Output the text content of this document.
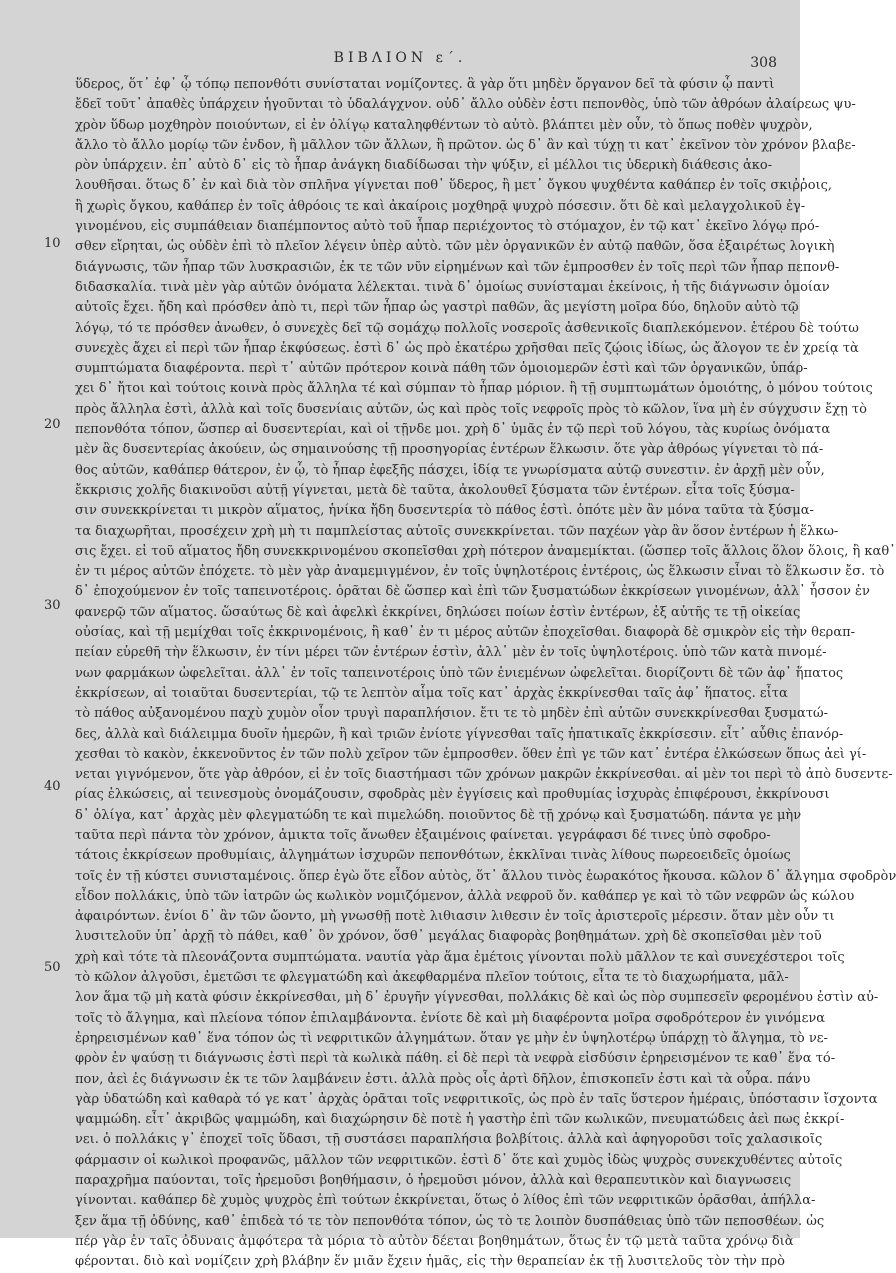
ΒΙΒΛΙΟΝ ε΄.	308
10
20
30
40
50
ὕδερος, ὅτ᾽ ἐφ᾽ ᾧ τόπῳ πεπονθότι συνίσταται νομίζοντες. ἃ γὰρ ὅτι μηδὲν ὄργανον δεῖ τὰ φύσιν ᾧ παντὶ
ἔδεῖ τοῦτ᾽ ἀπαθὲς ὑπάρχειν ἡγοῦνται τὸ ὑδαλάγχνον. οὐδ᾽ ἄλλο οὐδὲν ἐστι πεπονθὸς, ὑπὸ τῶν ἀθρόων ἀλαίρεως ψυ-
χρὸν ὕδωρ μοχθηρὸν ποιούντων, εἰ ἐν ὀλίγῳ καταληφθέντων τὸ αὐτὸ. βλάπτει μὲν οὖν, τὸ ὅπως ποθὲν ψυχρὸν,
ἄλλο τὸ ἄλλο μορίῳ τῶν ἐνδον, ἢ μᾶλλον τῶν ἄλλων, ἢ πρῶτον. ὡς δ᾽ ἂν καὶ τύχῃ τι κατ᾽ ἐκεῖνον τὸν χρόνον βλαβε-
ρὸν ὑπάρχειν. ἐπ᾽ αὐτὸ δ᾽ εἰς τὸ ἧπαρ ἀνάγκη διαδίδωσαι τὴν ψύξιν, εἰ μέλλοι τις ὑδερικὴ διάθεσις ἀκο-
λουθῆσαι. ὅτως δ᾽ ἐν καὶ διὰ τὸν σπλῆνα γίγνεται ποθ᾽ ὕδερος, ἢ μετ᾽ ὄγκου ψυχθέντα καθάπερ ἐν τοῖς σκιῤῥοις,
ἢ χωρὶς ὄγκου, καθάπερ ἐν τοῖς ἀθρόοις τε καὶ ἀκαίροις μοχθηρᾷ ψυχρὸ πόσεσιν. ὅτι δὲ καὶ μελαγχολικοῦ ἐγ-
γινομένου, εἰς συμπάθειαν διαπέμποντος αὐτὸ τοῦ ἧπαρ περιέχοντος τὸ στόμαχον, ἐν τῷ κατ᾽ ἐκεῖνο λόγῳ πρό-
σθεν εἴρηται, ὡς οὐδὲν ἐπὶ τὸ πλεῖον λέγειν ὑπὲρ αὐτὸ. τῶν μὲν ὀργανικῶν ἐν αὐτῷ παθῶν, ὅσα ἐξαιρέτως λογικὴ
διάγνωσις, τῶν ἧπαρ τῶν λυσκρασιῶν, ἐκ τε τῶν νῦν εἰρημένων καὶ τῶν ἐμπροσθεν ἐν τοῖς περὶ τῶν ἧπαρ πεπονθ-
διδασκαλία. τινὰ μὲν γὰρ αὐτῶν ὀνόματα λέλεκται. τινὰ δ᾽ ὁμοίως συνίσταμαι ἐκείνοις, ἡ τῆς διάγνωσιν ὁμοίαν
αὐτοῖς ἔχει. ἤδη καὶ πρόσθεν ἀπὸ τι, περὶ τῶν ἧπαρ ὡς γαστρὶ παθῶν, ἃς μεγίστη μοῖρα δύο, δηλοῦν αὐτὸ τῷ
λόγῳ, τό τε πρόσθεν ἀνωθεν, ὁ συνεχὲς δεῖ τῷ σομάχῳ πολλοῖς νοσεροῖς ἀσθενικοῖς διαπλεκόμενον. ἑτέρου δὲ τούτω
συνεχὲς ἄχει εἰ περὶ τῶν ἧπαρ ἐκφύσεως. ἐστὶ δ᾽ ὡς πρὸ ἑκατέρω χρῆσθαι πεῖς ζῴοις ἰδίως, ὡς ἄλογον τε ἐν χρείᾳ τὰ
συμπτώματα διαφέροντα. περὶ τ᾽ αὐτῶν πρότερον κοινὰ πάθη τῶν ὁμοιομερῶν ἐστὶ καὶ τῶν ὀργανικῶν, ὑπάρ-
χει δ᾽ ἤτοι καὶ τούτοις κοινὰ πρὸς ἄλληλα τέ καὶ σύμπαν τὸ ἧπαρ μόριον. ἢ τῇ συμπτωμάτων ὁμοιότης, ὁ μόνου τούτοις
πρὸς ἄλληλα ἐστὶ, ἀλλὰ καὶ τοῖς δυσενίαις αὐτῶν, ὡς καὶ πρὸς τοῖς νεφροῖς πρὸς τὸ κῶλον, ἵνα μὴ ἐν σύγχυσιν ἔχῃ τὸ
πεπονθότα τόπον, ὥσπερ αἱ δυσεντερίαι, καὶ οἱ τῇνδε μοι. χρὴ δ᾽ ὑμᾶς ἐν τῷ περὶ τοῦ λόγου, τὰς κυρίως ὀνόματα
μὲν ἃς δυσεντερίας ἀκούειν, ὡς σημαινούσης τῇ προσηγορίας ἐντέρων ἕλκωσιν. ὅτε γὰρ ἀθρόως γίγνεται τὸ πά-
θος αὐτῶν, καθάπερ θάτερον, ἐν ᾧ, τὸ ἧπαρ ἐφεξῆς πάσχει, ἰδίᾳ τε γνωρίσματα αὐτῷ συνεστιν. ἐν ἀρχῇ μὲν οὖν,
ἔκκρισις χολῆς διακινοῦσι αὐτῇ γίγνεται, μετὰ δὲ ταῦτα, ἀκολουθεῖ ξύσματα τῶν ἐντέρων. εἶτα τοῖς ξύσμα-
σιν συνεκκρίνεται τι μικρὸν αἵματος, ἡνίκα ἤδη δυσεντερία τὸ πάθος ἐστὶ. ὁπότε μὲν ἂν μόνα ταῦτα τὰ ξύσμα-
τα διαχωρῆται, προσέχειν χρὴ μὴ τι παμπλείστας αὐτοῖς συνεκκρίνεται. τῶν παχέων γὰρ ἂν ὅσον ἐντέρων ἡ ἕλκω-
σις ἔχει. εἰ τοῦ αἵματος ἤδη συνεκκρινομένου σκοπεῖσθαι χρὴ πότερον ἀναμεμίκται. (ὥσπερ τοῖς ἄλλοις ὅλον ὅλοις, ἢ καθ᾽
ἐν τι μέρος αὐτῶν ἐπόχετε. τὸ μὲν γὰρ ἀναμεμιγμένον, ἐν τοῖς ὑψηλοτέροις ἐντέροις, ὡς ἕλκωσιν εἶναι τὸ ἕλκωσιν ἔσ. τὸ
δ᾽ ἐποχούμενον ἐν τοῖς ταπεινοτέροις. ὁρᾶται δὲ ὥσπερ καὶ ἐπὶ τῶν ξυσματώδων ἐκκρίσεων γινομένων, ἀλλ᾽ ἦσσον ἐν
φανερῷ τῶν αἵματος. ὥσαύτως δὲ καὶ ἀφελκὶ ἐκκρίνει, δηλώσει ποίων ἐστὶν ἐντέρων, ἐξ αὐτῆς τε τῇ οἰκείας
οὐσίας, καὶ τῇ μεμίχθαι τοῖς ἐκκρινομένοις, ἢ καθ᾽ ἐν τι μέρος αὐτῶν ἐποχεῖσθαι. διαφορὰ δὲ σμικρὸν εἰς τὴν θεραπ-
πείαν εὑρεθῆ τὴν ἕλκωσιν, ἐν τίνι μέρει τῶν ἐντέρων ἐστὶν, ἀλλ᾽ μὲν ἐν τοῖς ὑψηλοτέροις. ὑπὸ τῶν κατὰ πινομέ-
νων φαρμάκων ὠφελεῖται. ἀλλ᾽ ἐν τοῖς ταπεινοτέροις ὑπὸ τῶν ἐνιεμένων ὠφελεῖται. διορίζοντι δὲ τῶν ἀφ᾽ ἥπατος
ἐκκρίσεων, αἱ τοιαῦται δυσεντερίαι, τῷ τε λεπτὸν αἷμα τοῖς κατ᾽ ἀρχὰς ἐκκρίνεσθαι ταῖς ἀφ᾽ ἥπατος. εἶτα
τὸ πάθος αὐξανομένου παχὺ χυμὸν οἷον τρυγὶ παραπλήσιον. ἔτι τε τὸ μηδὲν ἐπὶ αὐτῶν συνεκκρίνεσθαι ξυσματώ-
δες, ἀλλὰ καὶ διάλειμμα δυοῖν ἡμερῶν, ἢ καὶ τριῶν ἐνίοτε γίγνεσθαι ταῖς ἡπατικαῖς ἐκκρίσεσιν. εἶτ᾽ αὖθις ἐπανόρ-
χεσθαι τὸ κακὸν, ἐκκενοῦντος ἐν τῶν πολὺ χεῖρον τῶν ἐμπροσθεν. ὅθεν ἐπὶ γε τῶν κατ᾽ ἐντέρα ἑλκώσεων ὅπως ἀεὶ γί-
νεται γιγνόμενον, ὅτε γὰρ ἀθρόον, εἰ ἐν τοῖς διαστήμασι τῶν χρόνων μακρῶν ἐκκρίνεσθαι. αἱ μὲν τοι περὶ τὸ ἀπὸ δυσεντε-
ρίας ἑλκώσεις, αἱ τεινεσμοὺς ὀνομάζουσιν, σφοδρὰς μὲν ἐγγίσεις καὶ προθυμίας ἰσχυρὰς ἐπιφέρουσι, ἐκκρίνουσι
δ᾽ ὀλίγα, κατ᾽ ἀρχὰς μὲν φλεγματώδη τε καὶ πιμελώδη. ποιοῦντος δὲ τῇ χρόνῳ καὶ ξυσματώδη. πάντα γε μὴν
ταῦτα περὶ πάντα τὸν χρόνον, ἀμικτα τοῖς ἄνωθεν ἐξαιμένοις φαίνεται. γεγράφασι δέ τινες ὑπὸ σφοδρο-
τάτοις ἐκκρίσεων προθυμίαις, ἀλγημάτων ἰσχυρῶν πεπονθότων, ἐκκλῖναι τινὰς λίθους πωρεοειδεῖς ὁμοίως
τοῖς ἐν τῇ κύστει συνισταμένοις. ὅπερ ἐγὼ ὅτε εἶδον αὐτὸς, ὅτ᾽ ἄλλου τινὸς ἑωρακότος ἤκουσα. κῶλον δ᾽ ἄλγημα σφοδρὸν
εἶδον πολλάκις, ὑπὸ τῶν ἰατρῶν ὡς κωλικὸν νομιζόμενον, ἀλλὰ νεφροῦ ὄν. καθάπερ γε καὶ τὸ τῶν νεφρῶν ὡς κώλου
ἀφαιρόντων. ἐνίοι δ᾽ ἂν τῶν ὤοντο, μὴ γνωσθῇ ποτὲ λιθιασιν λιθεσιν ἐν τοῖς ἀριστεροῖς μέρεσιν. ὅταν μὲν οὖν τι
λυσιτελοῦν ὑπ᾽ ἀρχῇ τὸ πάθει, καθ᾽ ὃν χρόνον, ὅσθ᾽ μεγάλας διαφορὰς βοηθημάτων. χρὴ δὲ σκοπεῖσθαι μὲν τοῦ
χρὴ καὶ τότε τὰ πλεονάζοντα συμπτώματα. ναυτία γὰρ ἅμα ἐμέτοις γίνονται πολὺ μᾶλλον τε καὶ συνεχέστεροι τοῖς
τὸ κῶλον ἀλγοῦσι, ἐμετῶσι τε φλεγματώδη καὶ ἀκεφθαρμένα πλεῖον τούτοις, εἶτα τε τὸ διαχωρήματα, μᾶλ-
λον ἅμα τῷ μὴ κατὰ φύσιν ἐκκρίνεσθαι, μὴ δ᾽ ἐρυγῆν γίγνεσθαι, πολλάκις δὲ καὶ ὡς πὸρ συμπεσεῖν φερομένου ἐστὶν αὐ-
τοῖς τὸ ἄλγημα, καὶ πλείονα τόπον ἐπιλαμβάνοντα. ἐνίοτε δὲ καὶ μὴ διαφέροντα μοῖρα σφοδρότερον ἐν γινόμενα
ἐρηρεισμένων καθ᾽ ἕνα τόπον ὡς τὶ νεφριτικῶν ἀλγημάτων. ὅταν γε μὴν ἐν ὑψηλοτέρῳ ὑπάρχῃ τὸ ἄλγημα, τὸ νε-
φρὸν ἐν ψαύσῃ τι διάγνωσις ἐστὶ περὶ τὰ κωλικὰ πάθη. εἰ δὲ περὶ τὰ νεφρὰ εἰσδύσιν ἐρηρεισμένον τε καθ᾽ ἕνα τό-
πον, ἀεὶ ἐς διάγνωσιν ἐκ τε τῶν λαμβάνειν ἐστι. ἀλλὰ πρὸς οἷς ἀρτὶ δῆλον, ἐπισκοπεῖν ἐστι καὶ τὰ οὖρα. πάνυ
γὰρ ὑδατώδη καὶ καθαρὰ τό γε κατ᾽ ἀρχὰς ὁρᾶται τοῖς νεφριτικοῖς, ὡς πρὸ ἐν ταῖς ὕστερον ἡμέραις, ὑπόστασιν ἴσχοντα
ψαμμώδη. εἶτ᾽ ἀκριβῶς ψαμμώδη, καὶ διαχώρησιν δὲ ποτὲ ἡ γαστὴρ ἐπὶ τῶν κωλικῶν, πνευματώδεις ἀεὶ πως ἐκκρί-
νει. ὁ πολλάκις γ᾽ ἐποχεῖ τοῖς ὕδασι, τῇ συστάσει παραπλήσια βολβίτοις. ἀλλὰ καὶ ἀφηγοροῦσι τοῖς χαλασικοῖς
φάρμασιν οἱ κωλικοὶ προφανῶς, μᾶλλον τῶν νεφριτικῶν. ἐστὶ δ᾽ ὅτε καὶ χυμὸς ἰδὼς ψυχρὸς συνεκχυθέντες αὐτοῖς
παραχρῆμα παύονται, τοῖς ἠρεμοῦσι βοηθήμασιν, ὁ ἠρεμοῦσι μόνον, ἀλλὰ καὶ θεραπευτικὸν καὶ διαγνωσεις
γίνονται. καθάπερ δὲ χυμὸς ψυχρὸς ἐπὶ τούτων ἐκκρίνεται, ὅτως ὁ λίθος ἐπὶ τῶν νεφριτικῶν ὁρᾶσθαι, ἀπήλλα-
ξεν ἅμα τῇ ὀδύνης, καθ᾽ ἐπιδεὰ τό τε τὸν πεπονθότα τόπον, ὡς τὸ τε λοιπὸν δυσπάθειας ὑπὸ τῶν πεποσθέων. ὡς
πέρ γὰρ ἐν ταῖς ὀδυναις ἀμφότερα τὰ μόρια τὸ αὐτὸν δέεται βοηθημάτων, ὅτως ἐν τῷ μετὰ ταῦτα χρόνῳ διὰ
φέρονται. διὸ καὶ νομίζειν χρὴ βλάβην ἕν μιᾶν ἔχειν ἡμᾶς, εἰς τὴν θεραπείαν ἐκ τῇ λυσιτελοῦς τὸν τὴν πρὸ
